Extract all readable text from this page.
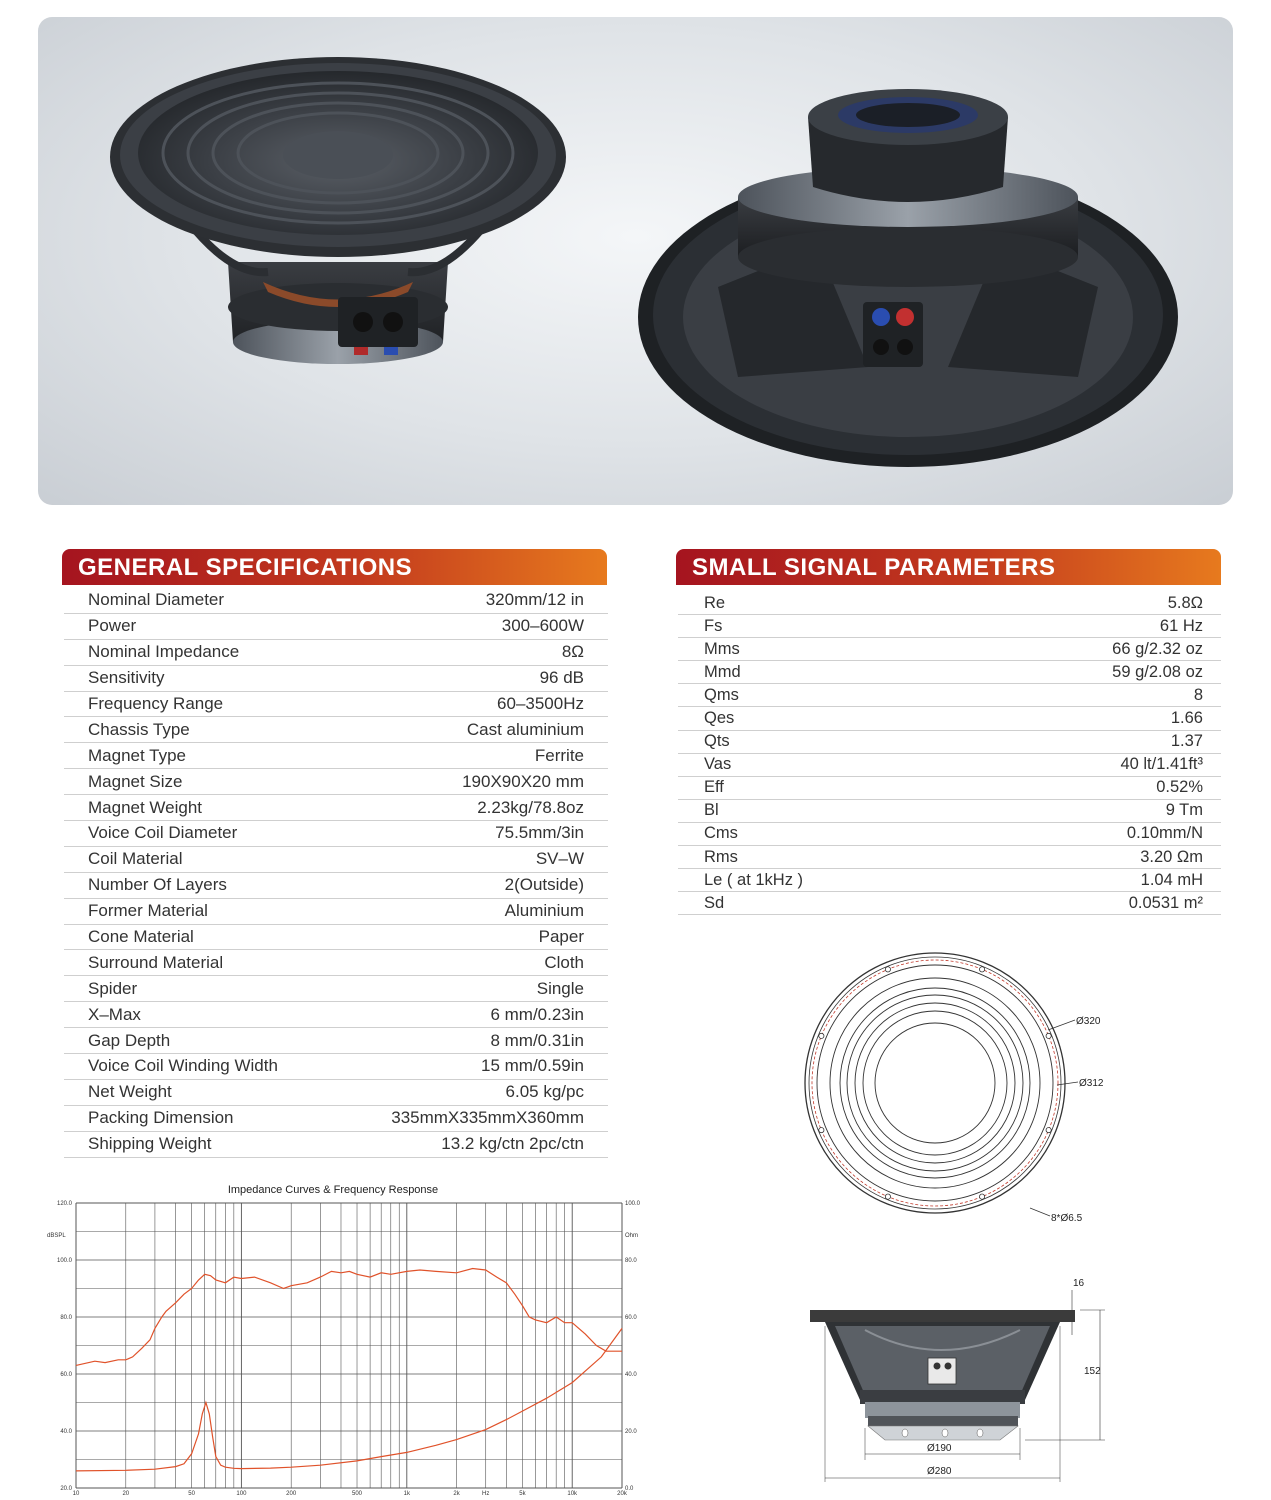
GENERAL SPECIFICATIONS
Nominal Diameter	320mm/12 in
Power	300–600W
Nominal Impedance	8Ω
Sensitivity	96 dB
Frequency Range	60–3500Hz
Chassis Type	Cast aluminium
Magnet Type	Ferrite
Magnet Size	190X90X20 mm
Magnet Weight	2.23kg/78.8oz
Voice Coil Diameter	75.5mm/3in
Coil Material	SV–W
Number Of Layers	2(Outside)
Former Material	Aluminium
Cone Material	Paper
Surround Material	Cloth
Spider	Single
X–Max	6 mm/0.23in
Gap Depth	8 mm/0.31in
Voice Coil Winding Width	15 mm/0.59in
Net Weight	6.05 kg/pc
Packing Dimension	335mmX335mmX360mm
Shipping Weight	13.2 kg/ctn 2pc/ctn
SMALL SIGNAL PARAMETERS
Re	5.8Ω
Fs	61 Hz
Mms	66 g/2.32 oz
Mmd	59 g/2.08 oz
Qms	8
Qes	1.66
Qts	1.37
Vas	40 lt/1.41ft³
Eff	0.52%
Bl	9 Tm
Cms	0.10mm/N
Rms	3.20 Ωm
Le ( at 1kHz )	1.04 mH
Sd	0.0531 m²
Impedance Curves & Frequency Response
dBSPL	Ohm
10	20	50	100	200	500	1k	2k	5k	10k	20k
Hz
20.0
40.0
60.0
80.0
100.0
120.0
0.0
20.0
40.0
60.0
80.0
100.0
Ø320
Ø312
8*Ø6.5
16
152
Ø190
Ø280
